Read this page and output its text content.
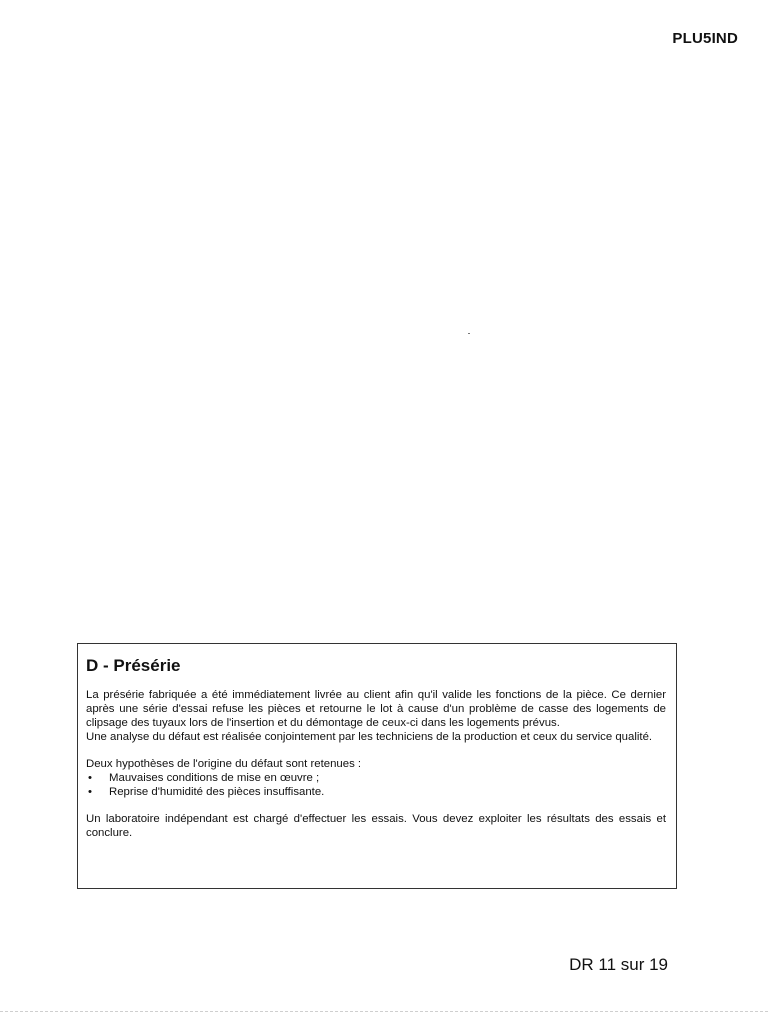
PLU5IND
D - Présérie

La présérie fabriquée a été immédiatement livrée au client afin qu'il valide les fonctions de la pièce. Ce dernier après une série d'essai refuse les pièces et retourne le lot à cause d'un problème de casse des logements de clipsage des tuyaux lors de l'insertion et du démontage de ceux-ci dans les logements prévus.

Une analyse du défaut est réalisée conjointement par les techniciens de la production et ceux du service qualité.

Deux hypothèses de l'origine du défaut sont retenues :

• Mauvaises conditions de mise en œuvre ;
• Reprise d'humidité des pièces insuffisante.

Un laboratoire indépendant est chargé d'effectuer les essais. Vous devez exploiter les résultats des essais et conclure.

DR 11 sur 19
